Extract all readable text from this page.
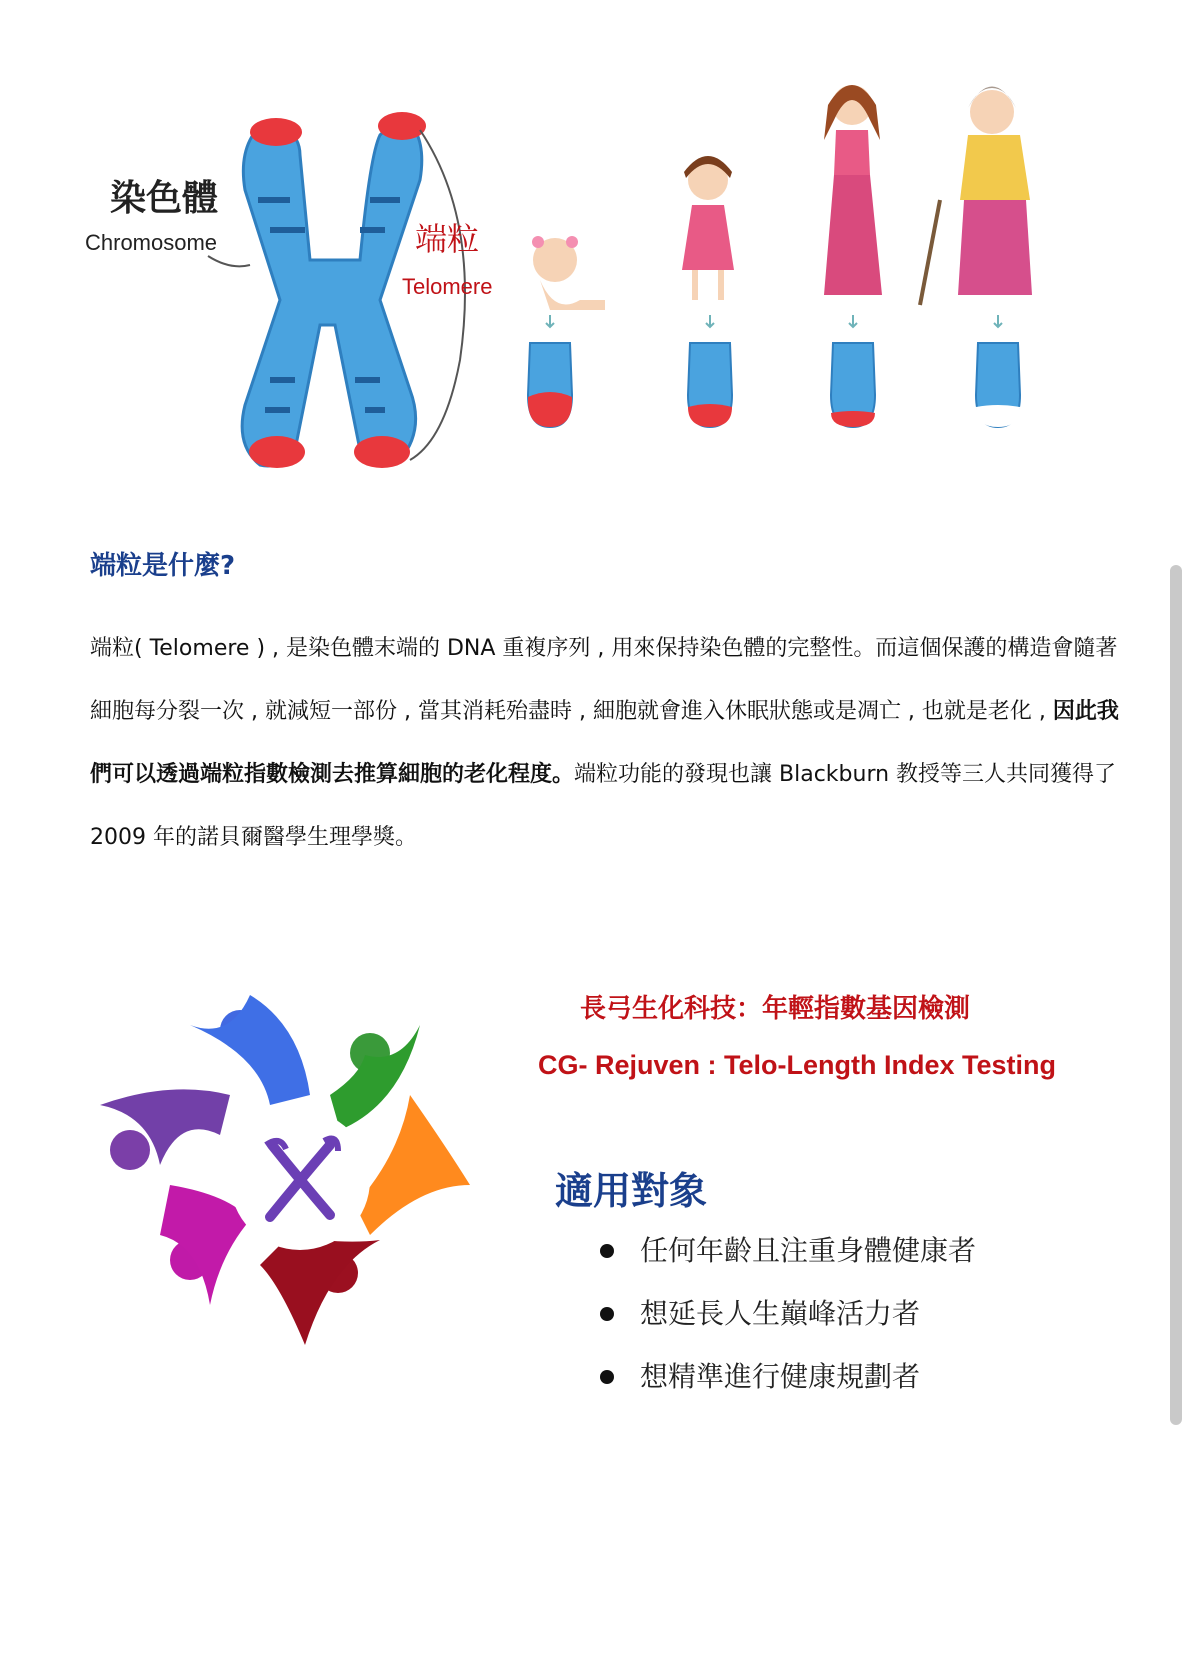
染色體
Chromosome	端粒
Telomere
端粒是什麼?
端粒( Telomere ) , 是染色體末端的 DNA 重複序列 , 用來保持染色體的完整性。而這個保護的構造會隨著細胞每分裂一次 , 就減短一部份 , 當其消耗殆盡時 , 細胞就會進入休眠狀態或是凋亡 , 也就是老化 , 因此我們可以透過端粒指數檢測去推算細胞的老化程度。端粒功能的發現也讓 Blackburn 教授等三人共同獲得了 2009 年的諾貝爾醫學生理學獎。
長弓生化科技：年輕指數基因檢測
CG- Rejuven : Telo-Length Index Testing
適用對象
任何年齡且注重身體健康者
想延長人生巔峰活力者
想精準進行健康規劃者
